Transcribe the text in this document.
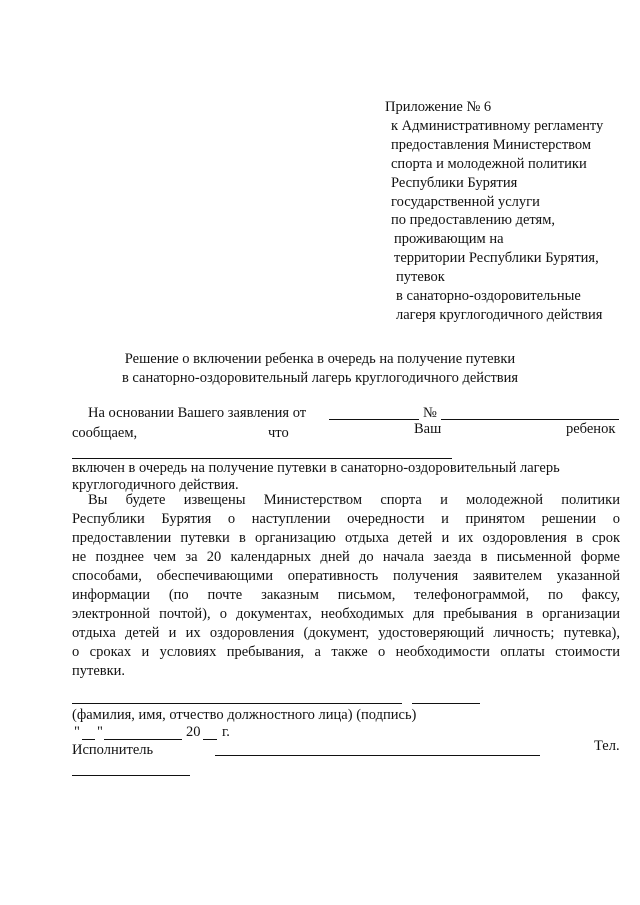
Приложение № 6
к Административному регламенту
предоставления Министерством
спорта и молодежной политики
Республики Бурятия
государственной услуги
по предоставлению детям,
проживающим на
территории Республики Бурятия,
путевок
в санаторно-оздоровительные
лагеря круглогодичного действия
Решение о включении ребенка в очередь на получение путевки
в санаторно-оздоровительный лагерь круглогодичного действия
На основании Вашего заявления от	№
сообщаем,	что	Ваш	ребенок
включен в очередь на получение путевки в санаторно-оздоровительный лагерь
круглогодичного действия.
Вы будете извещены Министерством спорта и молодежной политики
Республики Бурятия о наступлении очередности и принятом решении о
предоставлении путевки в организацию отдыха детей и их оздоровления в срок
не позднее чем за 20 календарных дней до начала заезда в письменной форме
способами, обеспечивающими оперативность получения заявителем указанной
информации (по почте заказным письмом, телефонограммой, по факсу,
электронной почтой), о документах, необходимых для пребывания в организации
отдыха детей и их оздоровления (документ, удостоверяющий личность; путевка),
о сроках и условиях пребывания, а также о необходимости оплаты стоимости
путевки.
(фамилия, имя, отчество должностного лица) (подпись)
" "	20 г.
Исполнитель	Тел.
